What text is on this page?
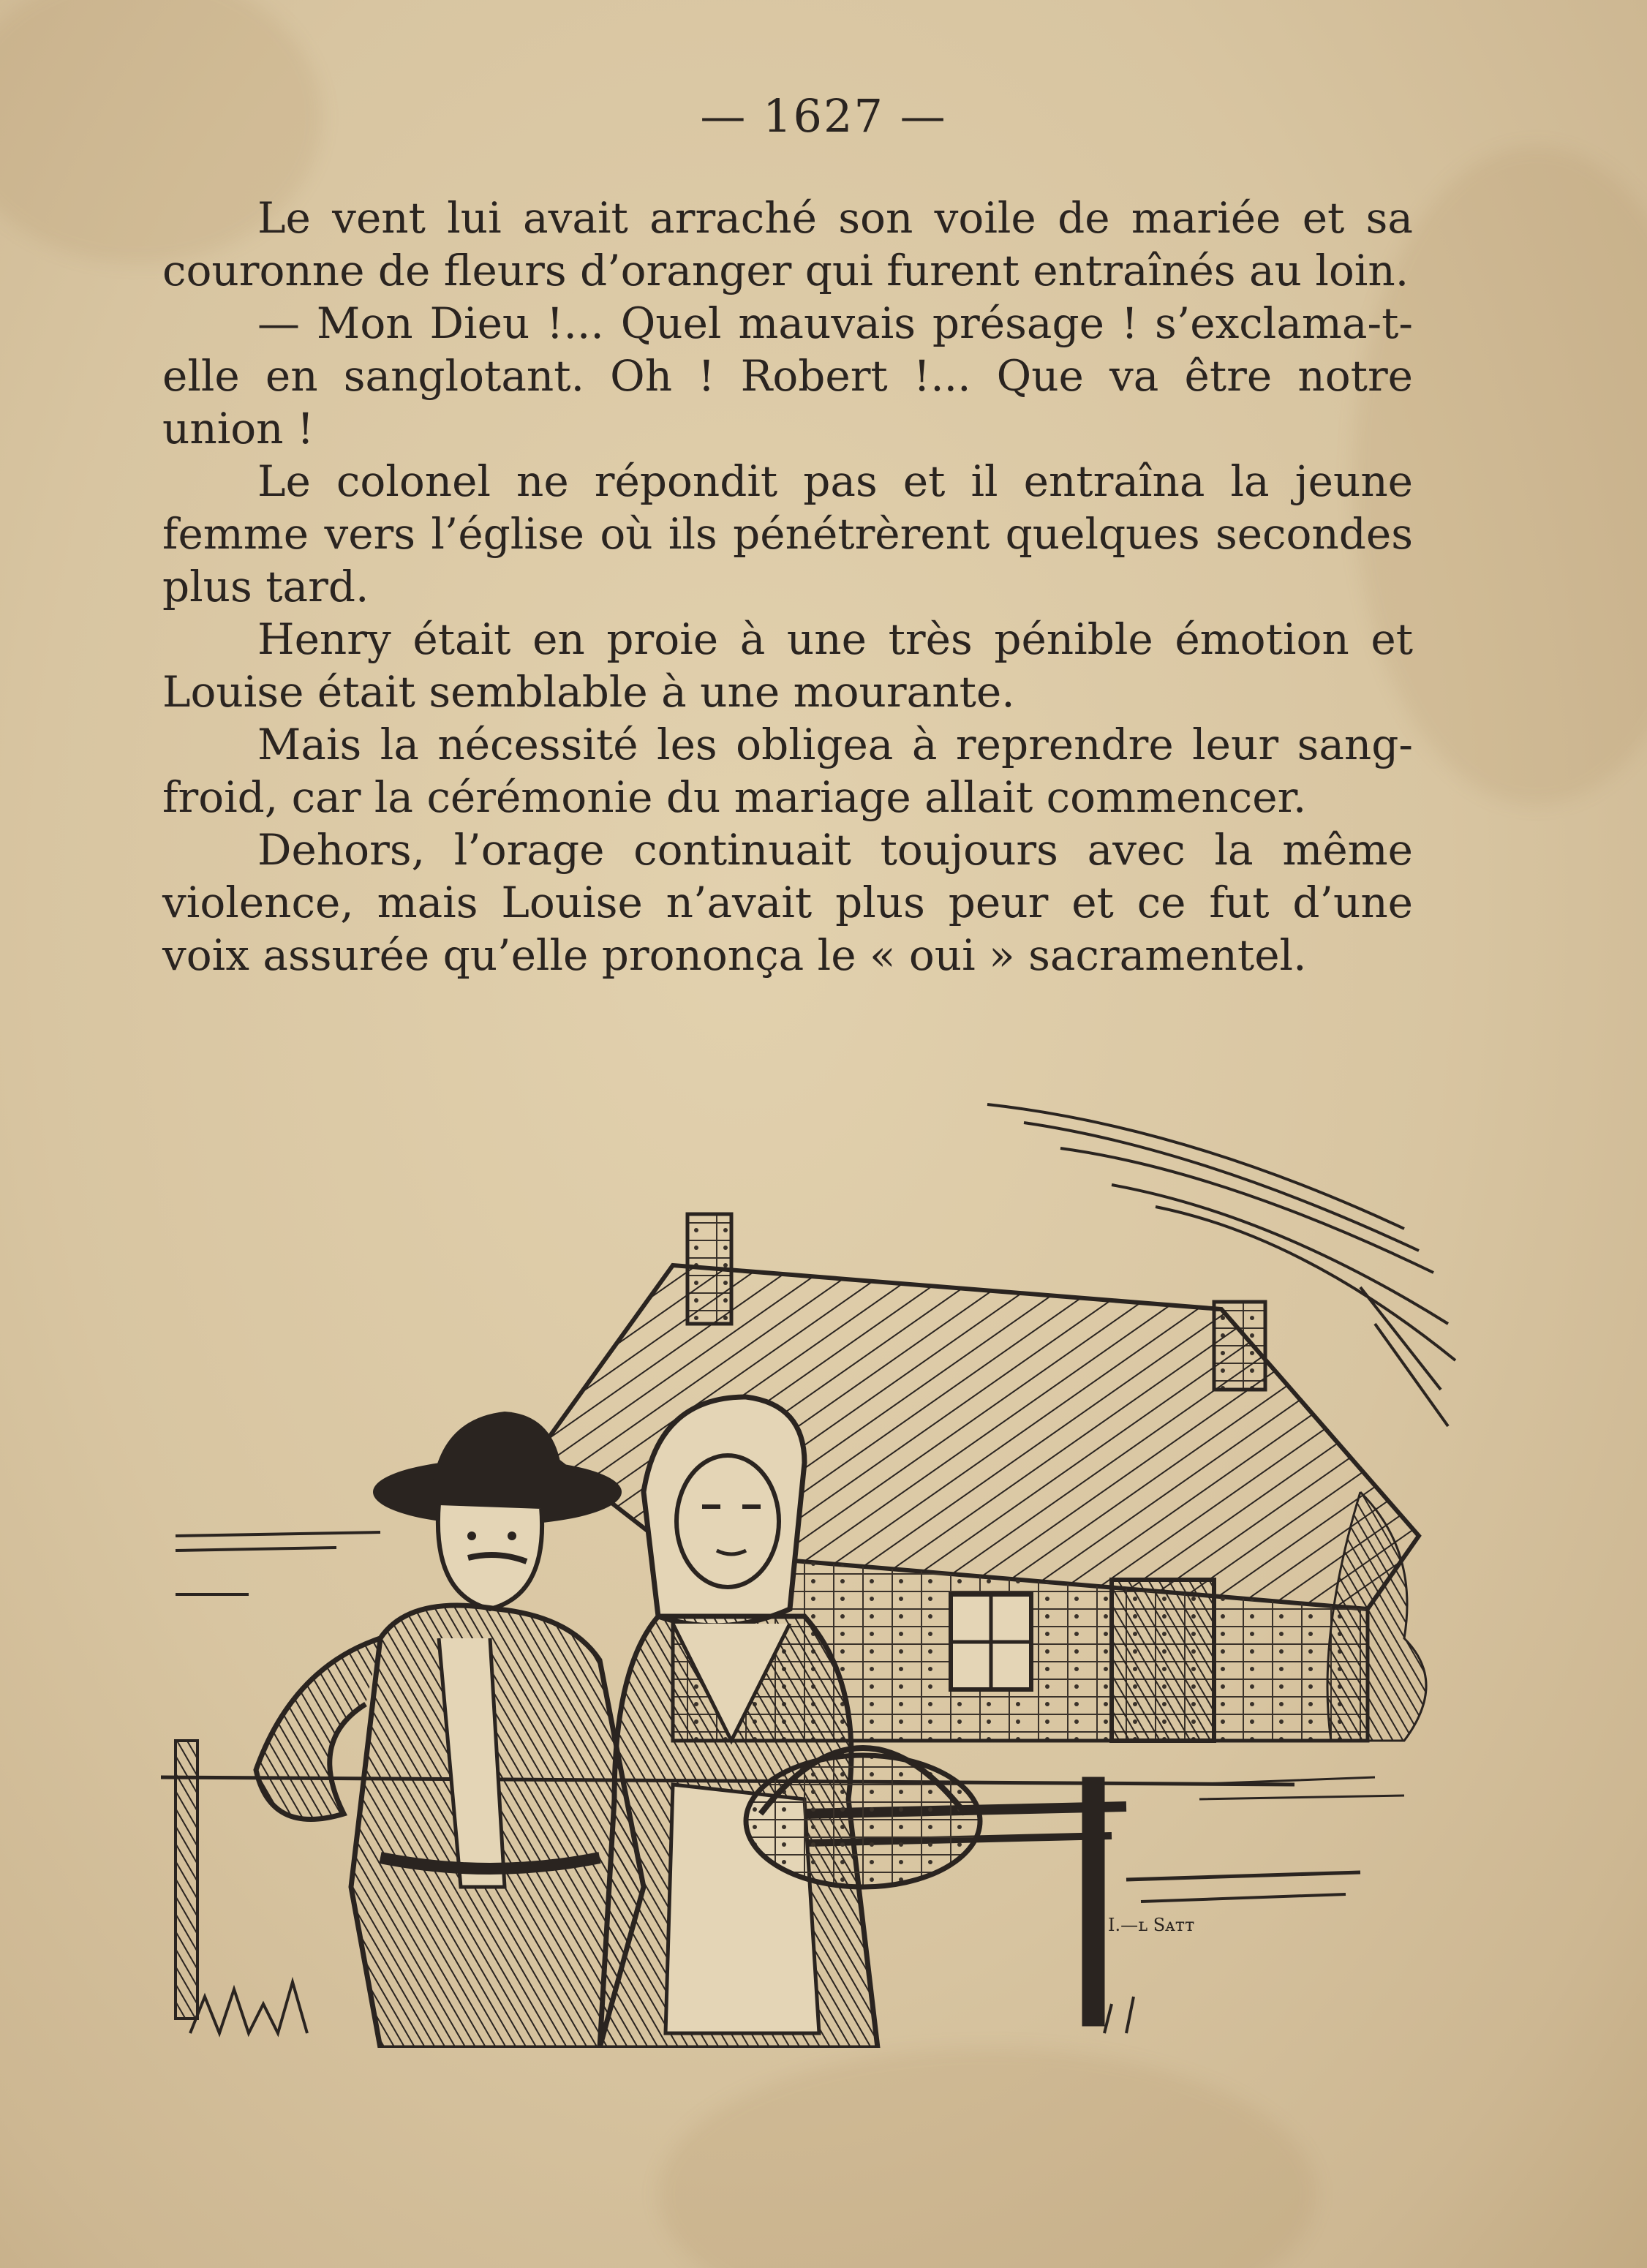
— 1627 —

Le vent lui avait arraché son voile de mariée et sa couronne de fleurs d’oranger qui furent entraînés au loin.

— Mon Dieu !... Quel mauvais présage ! s’exclama-t-elle en sanglotant. Oh ! Robert !... Que va être notre union !

Le colonel ne répondit pas et il entraîna la jeune femme vers l’église où ils pénétrèrent quelques secondes plus tard.

Henry était en proie à une très pénible émotion et Louise était semblable à une mourante.

Mais la nécessité les obligea à reprendre leur sang-froid, car la cérémonie du mariage allait commencer.

Dehors, l’orage continuait toujours avec la même violence, mais Louise n’avait plus peur et ce fut d’une voix assurée qu’elle prononça le « oui » sacramentel.

I.—ʟ Sᴀᴛᴛ
